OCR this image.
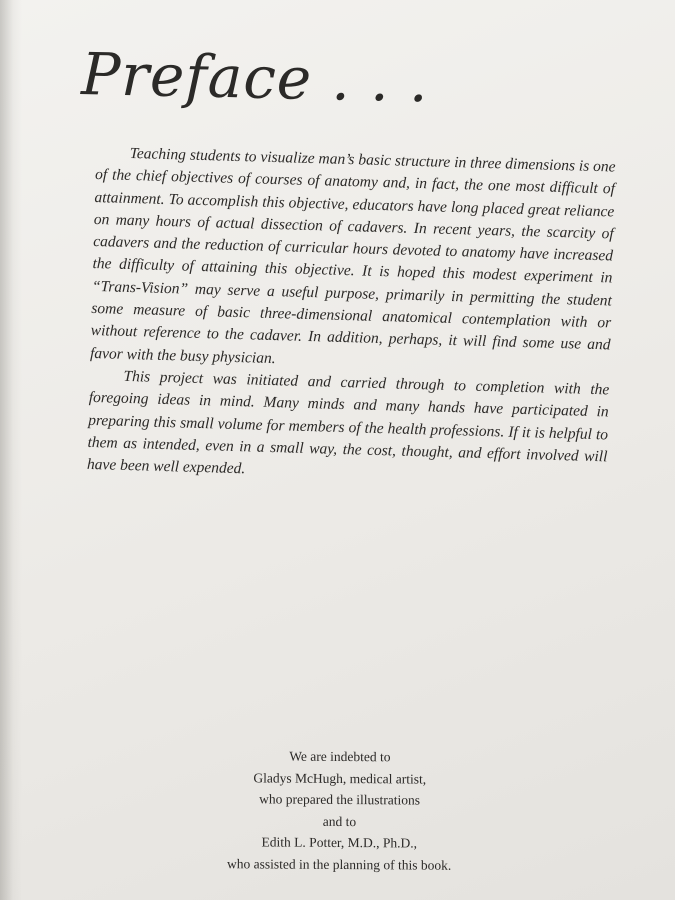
Preface . . .

Teaching students to visualize man’s basic structure in three dimensions is one of the chief objectives of courses of anatomy and, in fact, the one most difficult of attainment. To accomplish this objective, educators have long placed great reliance on many hours of actual dissection of cadavers. In recent years, the scarcity of cadavers and the reduction of curricular hours devoted to anatomy have increased the difficulty of attaining this objective. It is hoped this modest experiment in “Trans-Vision” may serve a useful purpose, primarily in permitting the student some measure of basic three-dimensional anatomical contemplation with or without reference to the cadaver. In addition, perhaps, it will find some use and favor with the busy physician.

This project was initiated and carried through to completion with the foregoing ideas in mind. Many minds and many hands have participated in preparing this small volume for members of the health professions. If it is helpful to them as intended, even in a small way, the cost, thought, and effort involved will have been well expended.

We are indebted to
Gladys McHugh, medical artist,
who prepared the illustrations
and to
Edith L. Potter, M.D., Ph.D.,
who assisted in the planning of this book.
